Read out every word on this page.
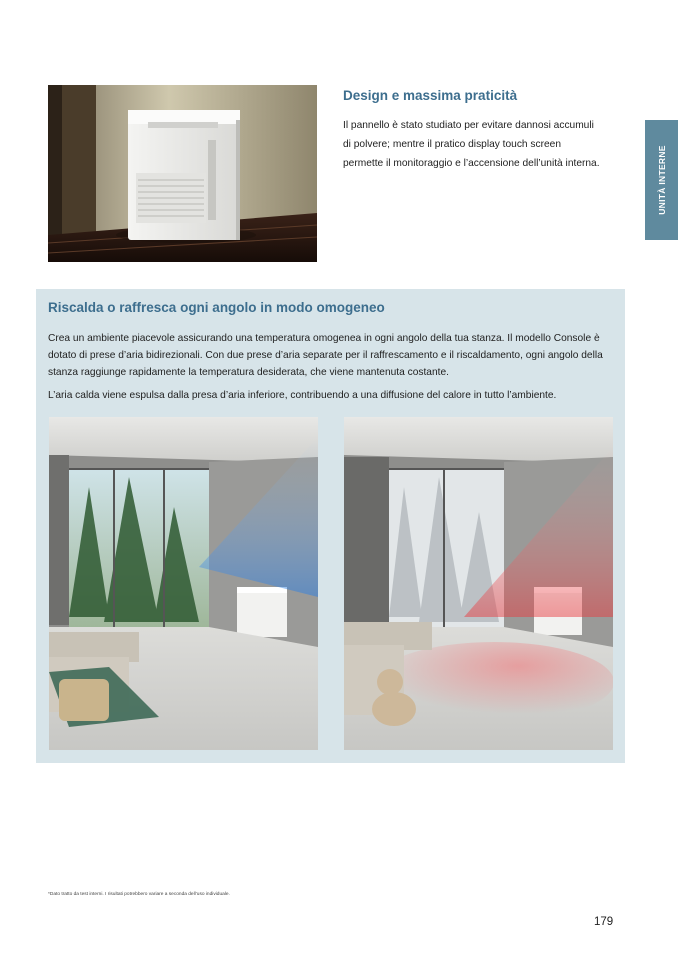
Design e massima praticità
Il pannello è stato studiato per evitare dannosi accumuli
di polvere; mentre il pratico display touch screen
permette il monitoraggio e l’accensione dell’unità interna.	UNITÀ INTERNE
Riscalda o raffresca ogni angolo in modo omogeneo

Crea un ambiente piacevole assicurando una temperatura omogenea in ogni angolo della tua stanza. Il modello Console è dotato di prese d’aria bidirezionali. Con due prese d’aria separate per il raffrescamento e il riscaldamento, ogni angolo della stanza raggiunge rapidamente la temperatura desiderata, che viene mantenuta costante.

L’aria calda viene espulsa dalla presa d’aria inferiore, contribuendo a una diffusione del calore in tutto l’ambiente.

*Dato tratto da test interni. I risultati potrebbero variare a seconda dell’uso individuale.
179
